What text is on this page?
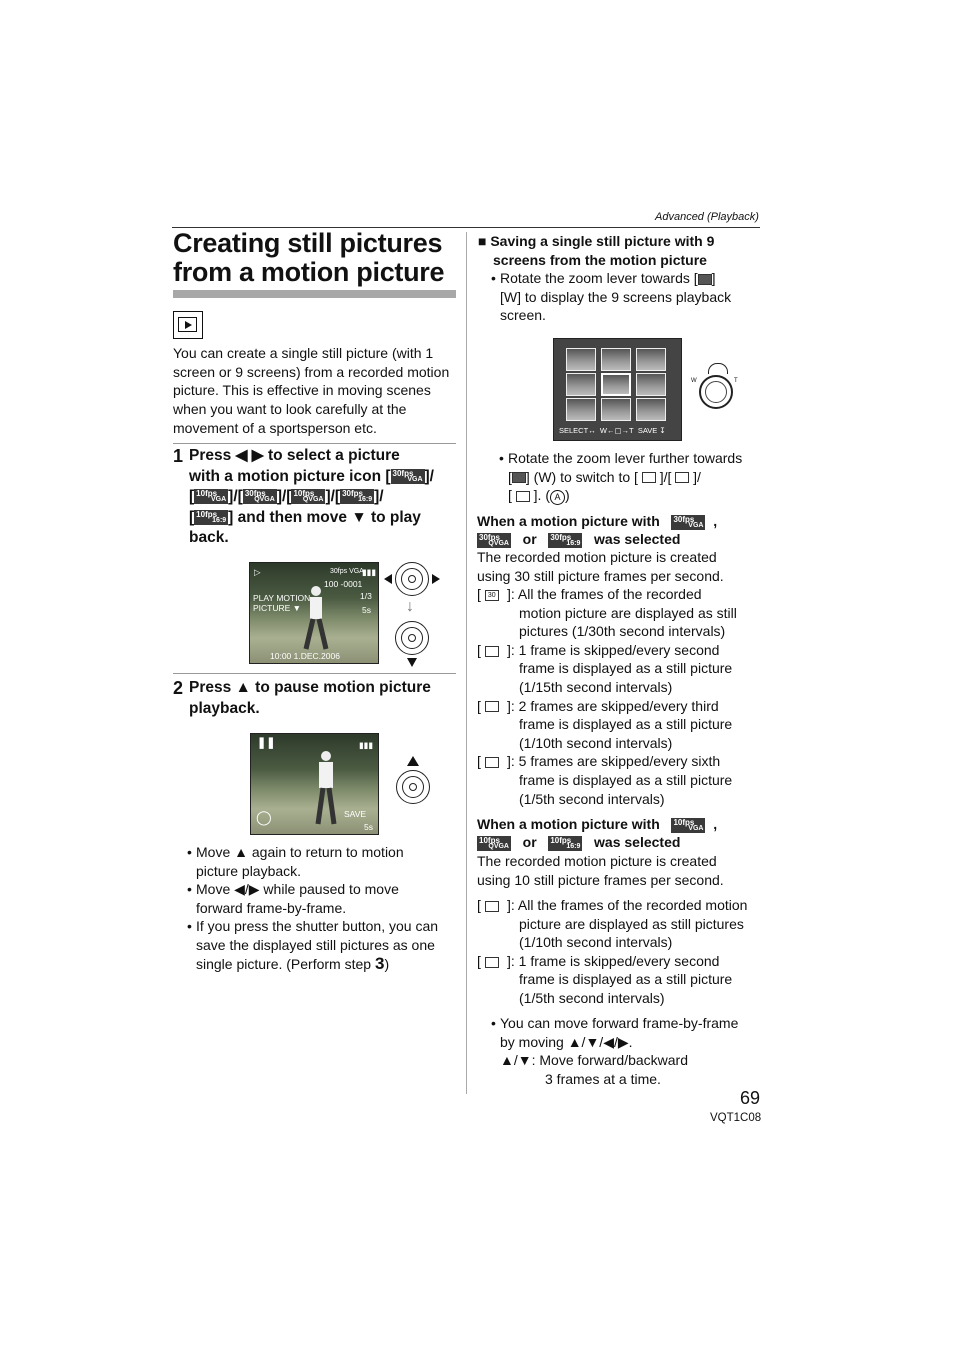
Advanced (Playback)
Creating still pictures
from a motion picture
You can create a single still picture (with 1 screen or 9 screens) from a recorded motion picture. This is effective in moving scenes when you want to look carefully at the movement of a sportsperson etc.
1 Press ◀ ▶ to select a picture
with a motion picture icon [ 30fps
VGA ]/
[ 10fps
VGA ]/[ 30fps
QVGA ]/[ 10fps
QVGA ]/[ 30fps
16:9 ]/
[ 10fps
16:9 ] and then move ▼ to play
back.
▷	30fps VGA
▮▮▮
100 -0001
1/3
PLAY MOTION
PICTURE ▼	5s
10:00 1.DEC.2006
↓
2 Press ▲ to pause motion picture
playback.
❚❚	▮▮▮
SAVE
5s
◯
• Move ▲ again to return to motion
picture playback.
• Move ◀/▶ while paused to move
forward frame-by-frame.
• If you press the shutter button, you can
save the displayed still pictures as one
single picture. (Perform step 3)
■ Saving a single still picture with 9
screens from the motion picture
• Rotate the zoom lever towards [ ]
[W] to display the 9 screens playback
screen.
SELECT↔  W←▢→T SAVE ↧
W	T
• Rotate the zoom lever further towards
[ ] (W) to switch to [ ]/[ ]/
[ ]. ( A )
When a motion picture with 30fps
VGA ,
30fps
QVGA or 30fps
16:9 was selected
The recorded motion picture is created
using 30 still picture frames per second.
[ 30 ]: All the frames of the recorded
motion picture are displayed as still
pictures (1/30th second intervals)
[	]: 1 frame is skipped/every second
frame is displayed as a still picture
(1/15th second intervals)
[	]: 2 frames are skipped/every third
frame is displayed as a still picture
(1/10th second intervals)
[	]: 5 frames are skipped/every sixth
frame is displayed as a still picture
(1/5th second intervals)
When a motion picture with 10fps
VGA ,
10fps
QVGA or 10fps
16:9 was selected
The recorded motion picture is created
using 10 still picture frames per second.
[	]: All the frames of the recorded motion
picture are displayed as still pictures
(1/10th second intervals)
[	]: 1 frame is skipped/every second
frame is displayed as a still picture
(1/5th second intervals)
• You can move forward frame-by-frame
by moving ▲/▼/◀/▶.
▲/▼: Move forward/backward
3 frames at a time.
69
VQT1C08
